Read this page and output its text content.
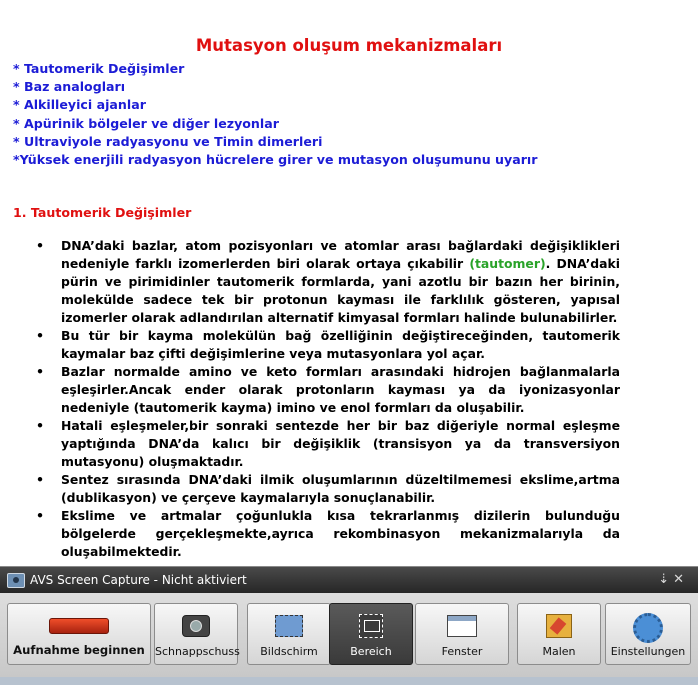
Mutasyon oluşum mekanizmaları
* Tautomerik Değişimler
* Baz analogları
* Alkilleyici ajanlar
* Apürinik bölgeler ve diğer lezyonlar
* Ultraviyole radyasyonu ve Timin dimerleri
*Yüksek enerjili radyasyon hücrelere girer ve mutasyon oluşumunu uyarır
1. Tautomerik Değişimler
• DNA’daki bazlar, atom pozisyonları ve atomlar arası bağlardaki değişiklikleri nedeniyle farklı izomerlerden biri olarak ortaya çıkabilir (tautomer). DNA’daki pürin ve pirimidinler tautomerik formlarda, yani azotlu bir bazın her birinin, molekülde sadece tek bir protonun kayması ile farklılık gösteren, yapısal izomerler olarak adlandırılan alternatif kimyasal formları halinde bulunabilirler.

• Bu tür bir kayma molekülün bağ özelliğinin değiştireceğinden, tautomerik kaymalar baz çifti değişimlerine veya mutasyonlara yol açar.

• Bazlar normalde amino ve keto formları arasındaki hidrojen bağlanmalarla eşleşirler.Ancak ender olarak protonların kayması ya da iyonizasyonlar nedeniyle (tautomerik kayma) imino ve enol formları da oluşabilir.

• Hatali eşleşmeler,bir sonraki sentezde her bir baz diğeriyle normal eşleşme yaptığında DNA’da kalıcı bir değişiklik (transisyon ya da transversiyon mutasyonu) oluşmaktadır.

• Sentez sırasında DNA’daki ilmik oluşumlarının düzeltilmemesi ekslime,artma (dublikasyon) ve çerçeve kaymalarıyla sonuçlanabilir.

• Ekslime ve artmalar çoğunlukla kısa tekrarlanmış dizilerin bulunduğu bölgelerde gerçekleşmekte,ayrıca rekombinasyon mekanizmalarıyla da oluşabilmektedir.

AVS Screen Capture - Nicht aktiviert	⇣✕
Aufnahme beginnen Schnappschuss	Bildschirm	Bereich	Fenster	Malen	Einstellungen
